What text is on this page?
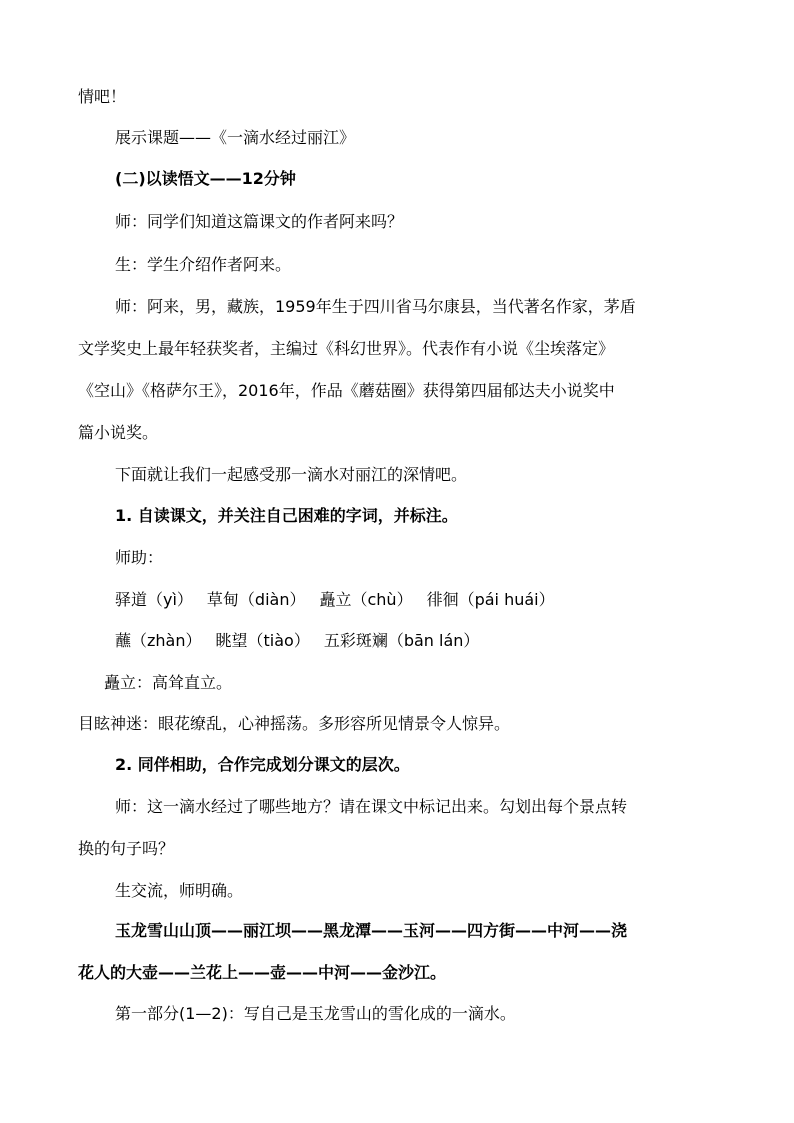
情吧！
展示课题——《一滴水经过丽江》
(二)以读悟文——12分钟
师：同学们知道这篇课文的作者阿来吗？
生：学生介绍作者阿来。
师：阿来，男，藏族，1959年生于四川省马尔康县，当代著名作家，茅盾
文学奖史上最年轻获奖者，主编过《科幻世界》。代表作有小说《尘埃落定》
《空山》《格萨尔王》，2016年，作品《蘑菇圈》获得第四届郁达夫小说奖中
篇小说奖。
下面就让我们一起感受那一滴水对丽江的深情吧。
1. 自读课文，并关注自己困难的字词，并标注。
师助：
驿道（yì） 草甸（diàn） 矗立（chù） 徘徊（pái huái）
蘸（zhàn） 眺望（tiào） 五彩斑斓（bān lán）
矗立：高耸直立。
目眩神迷：眼花缭乱，心神摇荡。多形容所见情景令人惊异。
2. 同伴相助，合作完成划分课文的层次。
师：这一滴水经过了哪些地方？请在课文中标记出来。勾划出每个景点转
换的句子吗？
生交流，师明确。
玉龙雪山山顶——丽江坝——黑龙潭——玉河——四方街——中河——浇
花人的大壶——兰花上——壶——中河——金沙江。
第一部分(1—2)：写自己是玉龙雪山的雪化成的一滴水。
